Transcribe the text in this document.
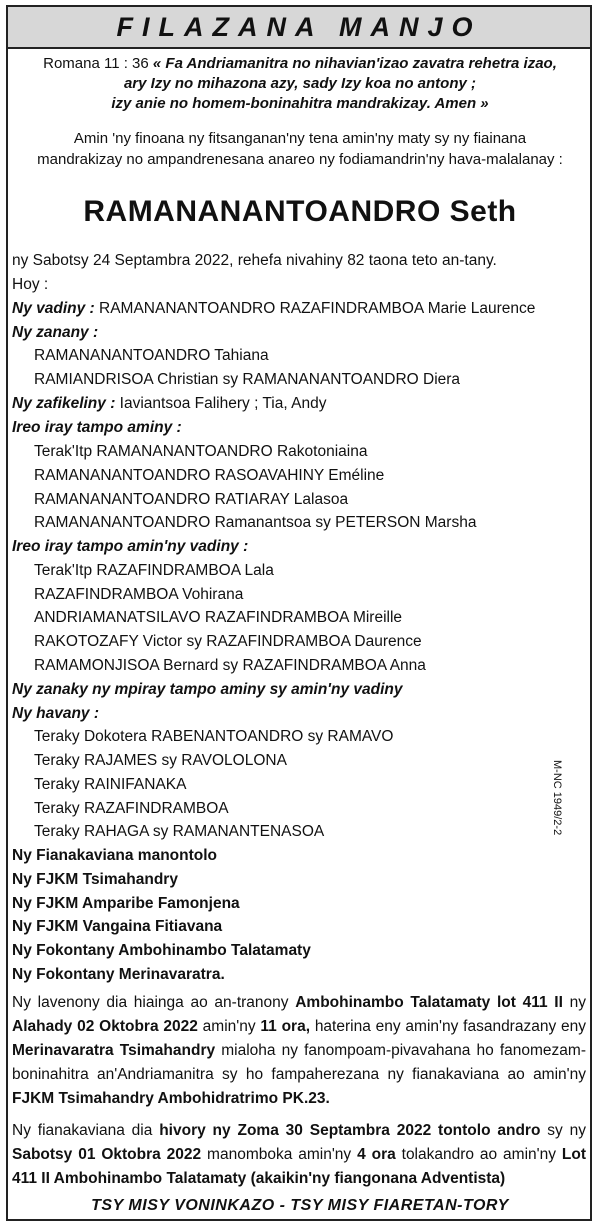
FILAZANA MANJO
Romana 11 : 36 « Fa Andriamanitra no nihavian'izao zavatra rehetra izao,
ary Izy no mihazona azy, sady Izy koa no antony ;
izy anie no homem-boninahitra mandrakizay. Amen »
Amin 'ny finoana ny fitsanganan'ny tena amin'ny maty sy ny fiainana
mandrakizay no ampandrenesana anareo ny fodiamandrin'ny hava-malalanay :
RAMANANANTOANDRO Seth
ny Sabotsy 24 Septambra 2022, rehefa nivahiny 82 taona teto an-tany.
Hoy :
Ny vadiny : RAMANANANTOANDRO RAZAFINDRAMBOA Marie Laurence
Ny zanany :
RAMANANANTOANDRO Tahiana
RAMIANDRISOA Christian sy RAMANANANTOANDRO Diera
Ny zafikeliny : Iaviantsoa Falihery ; Tia, Andy
Ireo iray tampo aminy :
Terak'Itp RAMANANANTOANDRO Rakotoniaina
RAMANANANTOANDRO RASOAVAHINY Eméline
RAMANANANTOANDRO RATIARAY Lalasoa
RAMANANANTOANDRO Ramanantsoa sy PETERSON Marsha
Ireo iray tampo amin'ny vadiny :
Terak'Itp RAZAFINDRAMBOA Lala
RAZAFINDRAMBOA Vohirana
ANDRIAMANATSILAVO RAZAFINDRAMBOA Mireille
RAKOTOZAFY Victor sy RAZAFINDRAMBOA Daurence
RAMAMONJISOA Bernard sy RAZAFINDRAMBOA Anna
Ny zanaky ny mpiray tampo aminy sy amin'ny vadiny
Ny havany :
Teraky Dokotera RABENANTOANDRO sy RAMAVO
Teraky RAJAMES sy RAVOLOLONA
Teraky RAINIFANAKA
Teraky RAZAFINDRAMBOA
Teraky RAHAGA sy RAMANANTENASOA
Ny Fianakaviana manontolo
Ny FJKM Tsimahandry
Ny FJKM Amparibe Famonjena
Ny FJKM Vangaina Fitiavana
Ny Fokontany Ambohinambo Talatamaty
Ny Fokontany Merinavaratra.

Ny lavenony dia hiainga ao an-tranony Ambohinambo Talatamaty lot 411 II ny Alahady 02 Oktobra 2022 amin'ny 11 ora, haterina eny amin'ny fasandrazany eny Merinavaratra Tsimahandry mialoha ny fanompoam-pivavahana ho fanomezam-boninahitra an'Andriamanitra sy ho fampaherezana ny fianakaviana ao amin'ny FJKM Tsimahandry Ambohidratrimo PK.23.

Ny fianakaviana dia hivory ny Zoma 30 Septambra 2022 tontolo andro sy ny Sabotsy 01 Oktobra 2022 manomboka amin'ny 4 ora tolakandro ao amin'ny Lot 411 II Ambohinambo Talatamaty (akaikin'ny fiangonana Adventista)

M-NC 1949/2-2
TSY MISY VONINKAZO - TSY MISY FIARETAN-TORY
